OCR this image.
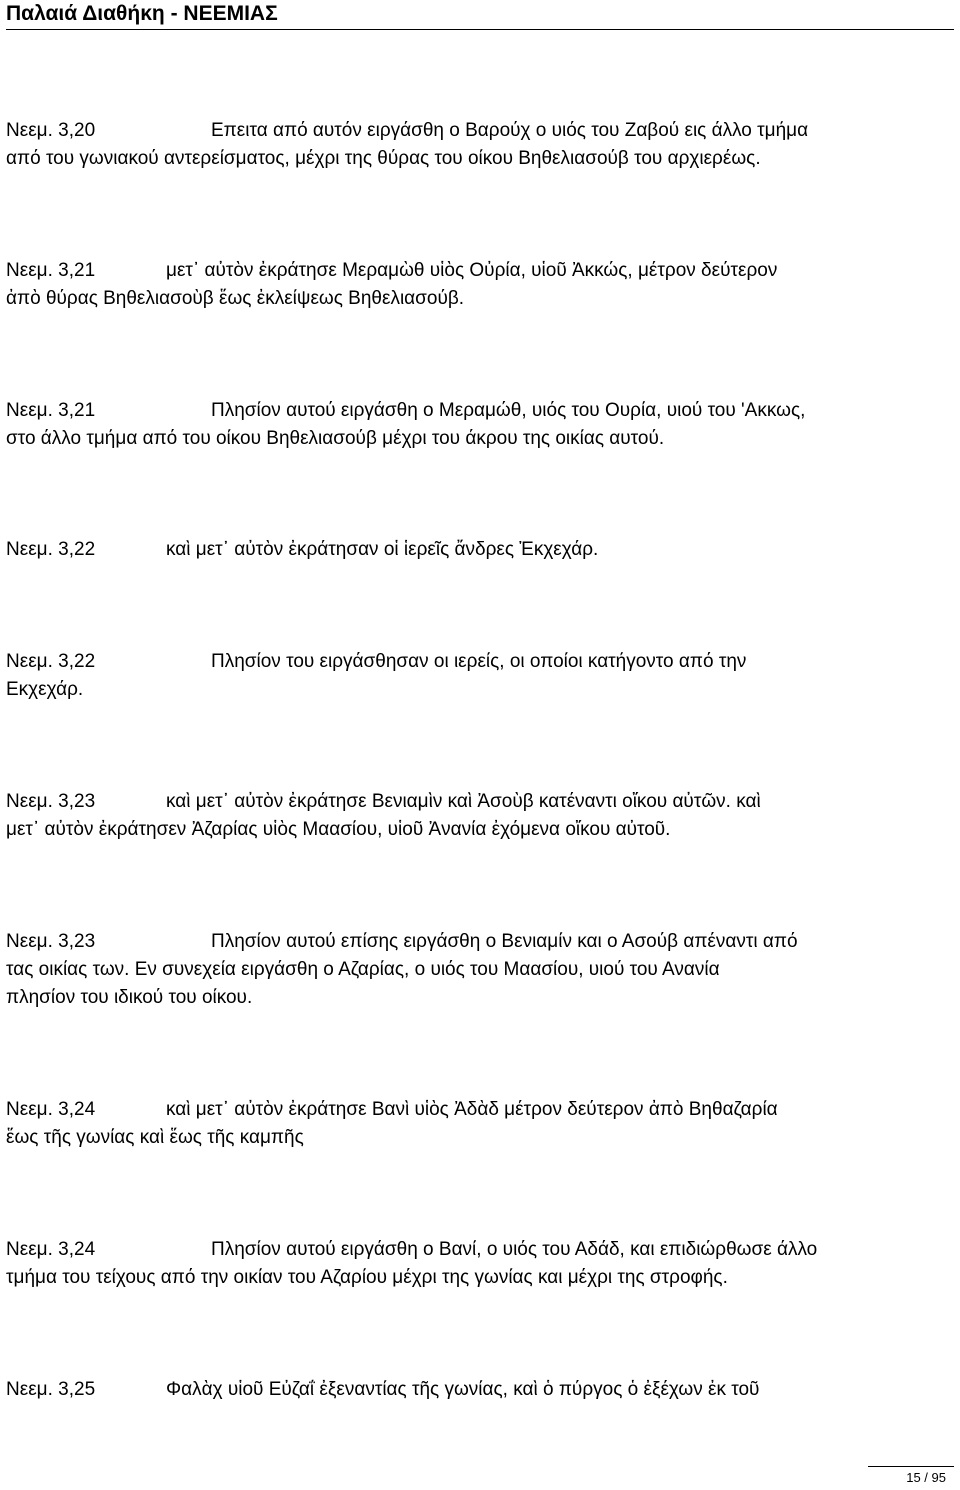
Παλαιά Διαθήκη - ΝΕΕΜΙΑΣ
Νεεμ. 3,20	Επειτα από αυτόν ειργάσθη ο Βαρούχ ο υιός του Ζαβού εις άλλο τμήμα
από του γωνιακού αντερείσματος, μέχρι της θύρας του οίκου Βηθελιασούβ του αρχιερέως.
Νεεμ. 3,21	μετ᾽ αὐτὸν ἐκράτησε Μεραμὼθ υἱὸς Οὐρία, υἱοῦ Ἀκκώς, μέτρον δεύτερον
ἀπὸ θύρας Βηθελιασοὺβ ἕως ἐκλείψεως Βηθελιασούβ.
Νεεμ. 3,21	Πλησίον αυτού ειργάσθη ο Μεραμώθ, υιός του Ουρία, υιού του 'Ακκως,
στο άλλο τμήμα από του οίκου Βηθελιασούβ μέχρι του άκρου της οικίας αυτού.
Νεεμ. 3,22	καὶ μετ᾽ αὐτὸν ἐκράτησαν οἱ ἱερεῖς ἄνδρες Ἐκχεχάρ.
Νεεμ. 3,22	Πλησίον του ειργάσθησαν οι ιερείς, οι οποίοι κατήγοντο από την
Εκχεχάρ.
Νεεμ. 3,23	καὶ μετ᾽ αὐτὸν ἐκράτησε Βενιαμὶν καὶ Ἀσοὺβ κατέναντι οἴκου αὐτῶν. καὶ
μετ᾽ αὐτὸν ἐκράτησεν Ἀζαρίας υἱὸς Μαασίου, υἱοῦ Ἀνανία ἐχόμενα οἴκου αὐτοῦ.
Νεεμ. 3,23	Πλησίον αυτού επίσης ειργάσθη ο Βενιαμίν και ο Ασούβ απέναντι από
τας οικίας των. Εν συνεχεία ειργάσθη ο Αζαρίας, ο υιός του Μαασίου, υιού του Ανανία
πλησίον του ιδικού του οίκου.
Νεεμ. 3,24	καὶ μετ᾽ αὐτὸν ἐκράτησε Βανὶ υἱὸς Ἀδὰδ μέτρον δεύτερον ἀπὸ Βηθαζαρία
ἕως τῆς γωνίας καὶ ἕως τῆς καμπῆς
Νεεμ. 3,24	Πλησίον αυτού ειργάσθη ο Βανί, ο υιός του Αδάδ, και επιδιώρθωσε άλλο
τμήμα του τείχους από την οικίαν του Αζαρίου μέχρι της γωνίας και μέχρι της στροφής.
Νεεμ. 3,25	Φαλὰχ υἱοῦ Εὐζαΐ ἐξεναντίας τῆς γωνίας, καὶ ὁ πύργος ὁ ἐξέχων ἐκ τοῦ
15 / 95
